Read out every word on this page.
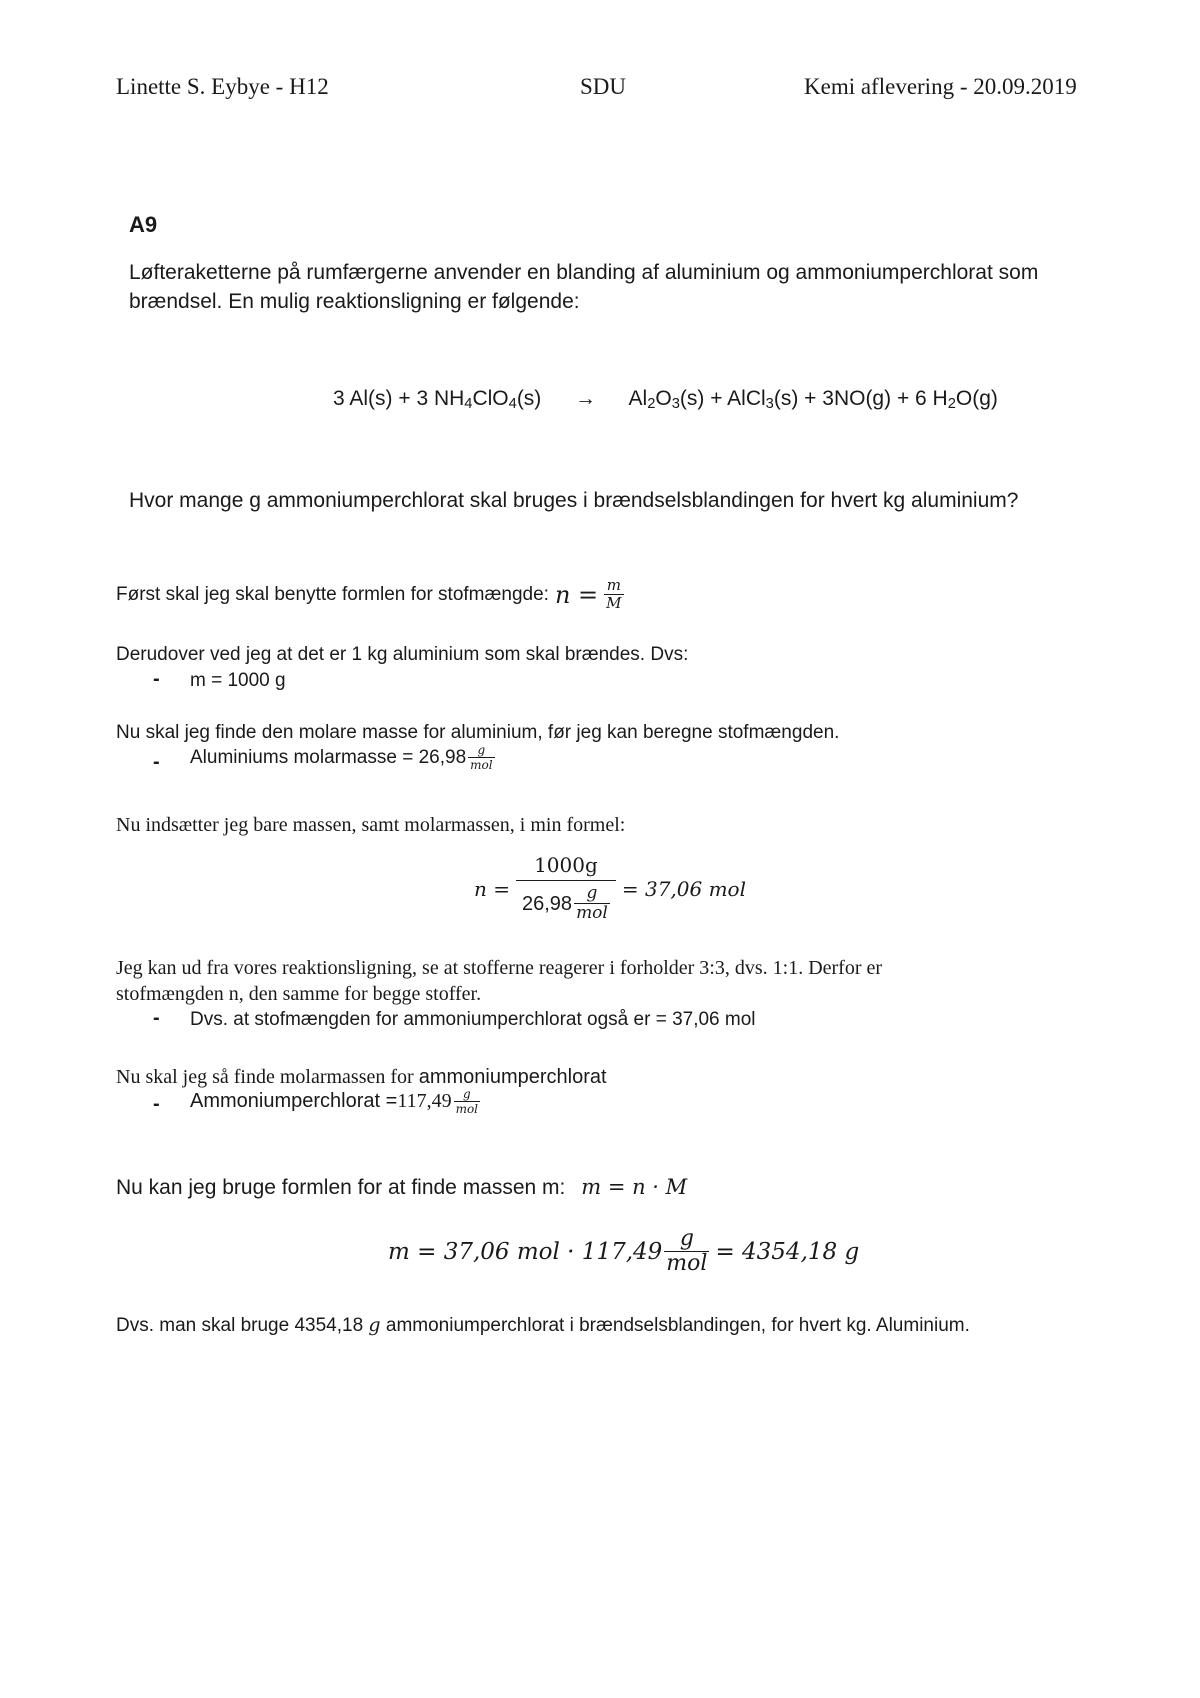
Linette S. Eybye - H12	SDU	Kemi aflevering - 20.09.2019
A9
Løfteraketterne på rumfærgerne anvender en blanding af aluminium og ammoniumperchlorat som
brændsel. En mulig reaktionsligning er følgende:
3 Al(s) + 3 $NH_4ClO_4(s) \to Al_2O_3(s)$ + AlCl$_3$(s) + 3NO(g) + 6 $H_2O(g)$
Hvor mange g ammoniumperchlorat skal bruges i brændselsblandingen for hvert kg aluminium?
Først skal jeg skal benytte formlen for stofmængde: $n = \frac{m}{M}$
Derudover ved jeg at det er 1 kg aluminium som skal brændes. Dvs:
- m = 1000 g
Nu skal jeg finde den molare masse for aluminium, før jeg kan beregne stofmængden.
- Aluminiums molarmasse = $26,98 \frac{g}{\text{mol}}$
Nu indsætter jeg bare massen, samt molarmassen, i min formel:
$n = \frac{1000g}{26,98 \frac{g}{\text{mol}}} = 37,06$ mol
Jeg kan ud fra vores reaktionsligning, se at stofferne reagerer i forholder 3:3, dvs. 1:1. Derfor er
stofmængden n, den samme for begge stoffer.
- Dvs. at stofmængden for ammoniumperchlorat også er = 37,06 mol
Nu skal jeg så finde molarmassen for ammoniumperchlorat
- Ammoniumperchlorat = $117,49 \frac{g}{\text{mol}}$
Nu kan jeg bruge formlen for at finde massen m: m = n · M
m = 37,06 mol · $117,49 \frac{g}{\text{mol}} = 4354,18$ g
Dvs. man skal bruge 4354,18 g ammoniumperchlorat i brændselsblandingen, for hvert kg. Aluminium.
